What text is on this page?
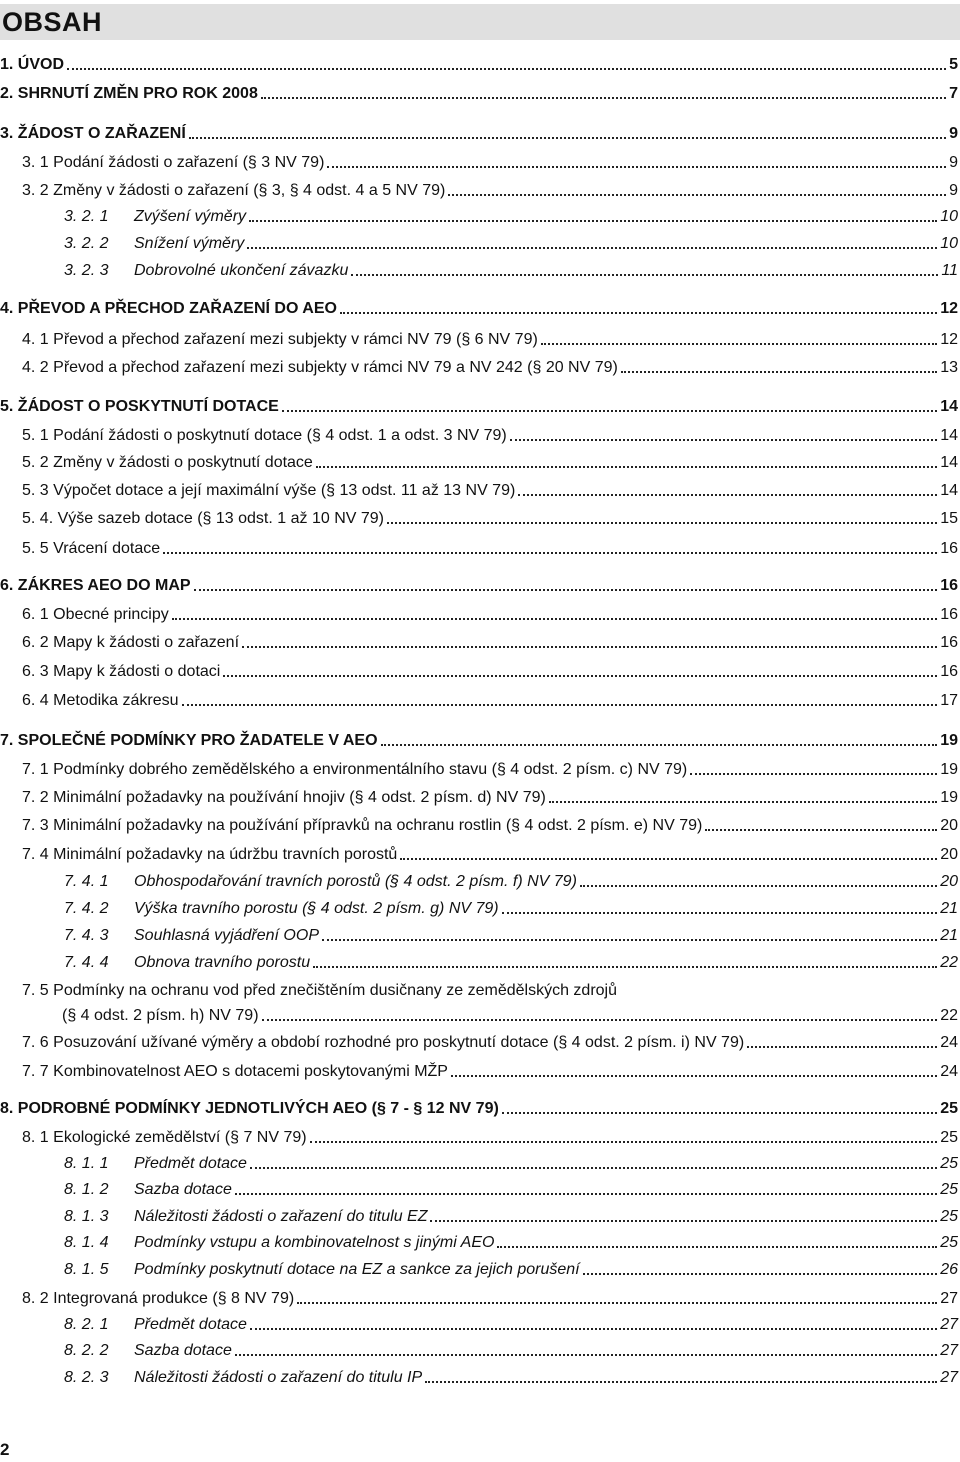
OBSAH
1. ÚVOD	5
2. SHRNUTÍ ZMĚN PRO ROK 2008	7
3. ŽÁDOST O ZAŘAZENÍ	9
3. 1 Podání žádosti o zařazení (§ 3 NV 79)	9
3. 2 Změny v žádosti o zařazení (§ 3, § 4 odst. 4 a 5 NV 79)	9
3. 2. 1	Zvýšení výměry	10
3. 2. 2	Snížení výměry	10
3. 2. 3	Dobrovolné ukončení závazku	11
4. PŘEVOD A PŘECHOD ZAŘAZENÍ DO AEO	12
4. 1 Převod a přechod zařazení mezi subjekty v rámci NV 79 (§ 6 NV 79)	12
4. 2 Převod a přechod zařazení mezi subjekty v rámci NV 79 a NV 242 (§ 20 NV 79)	13
5. ŽÁDOST O POSKYTNUTÍ DOTACE	14
5. 1 Podání žádosti o poskytnutí dotace (§ 4 odst. 1 a odst. 3 NV 79)	14
5. 2 Změny v žádosti o poskytnutí dotace	14
5. 3 Výpočet dotace a její maximální výše (§ 13 odst. 11 až 13 NV 79)	14
5. 4. Výše sazeb dotace (§ 13 odst. 1 až 10 NV 79)	15
5. 5 Vrácení dotace	16
6. ZÁKRES AEO DO MAP	16
6. 1 Obecné principy	16
6. 2 Mapy k žádosti o zařazení	16
6. 3 Mapy k žádosti o dotaci	16
6. 4 Metodika zákresu	17
7. SPOLEČNÉ PODMÍNKY PRO ŽADATELE V AEO	19
7. 1 Podmínky dobrého zemědělského a environmentálního stavu (§ 4 odst. 2 písm. c) NV 79)	19
7. 2 Minimální požadavky na používání hnojiv (§ 4 odst. 2 písm. d) NV 79)	19
7. 3 Minimální požadavky na používání přípravků na ochranu rostlin (§ 4 odst. 2 písm. e) NV 79)	20
7. 4 Minimální požadavky na údržbu travních porostů	20
7. 4. 1	Obhospodařování travních porostů (§ 4 odst. 2 písm. f) NV 79)	20
7. 4. 2	Výška travního porostu (§ 4 odst. 2 písm. g) NV 79)	21
7. 4. 3	Souhlasná vyjádření OOP	21
7. 4. 4	Obnova travního porostu	22
7. 5 Podmínky na ochranu vod před znečištěním dusičnany ze zemědělských zdrojů
(§ 4 odst. 2 písm. h) NV 79)	22
7. 6 Posuzování užívané výměry a období rozhodné pro poskytnutí dotace (§ 4 odst. 2 písm. i) NV 79)	24
7. 7 Kombinovatelnost AEO s dotacemi poskytovanými MŽP	24
8. PODROBNÉ PODMÍNKY JEDNOTLIVÝCH AEO (§ 7 - § 12 NV 79)	25
8. 1 Ekologické zemědělství (§ 7 NV 79)	25
8. 1. 1	Předmět dotace	25
8. 1. 2	Sazba dotace	25
8. 1. 3	Náležitosti žádosti o zařazení do titulu EZ	25
8. 1. 4	Podmínky vstupu a kombinovatelnost s jinými AEO	25
8. 1. 5	Podmínky poskytnutí dotace na EZ a sankce za jejich porušení	26
8. 2 Integrovaná produkce (§ 8 NV 79)	27
8. 2. 1	Předmět dotace	27
8. 2. 2	Sazba dotace	27
8. 2. 3	Náležitosti žádosti o zařazení do titulu IP	27
2
